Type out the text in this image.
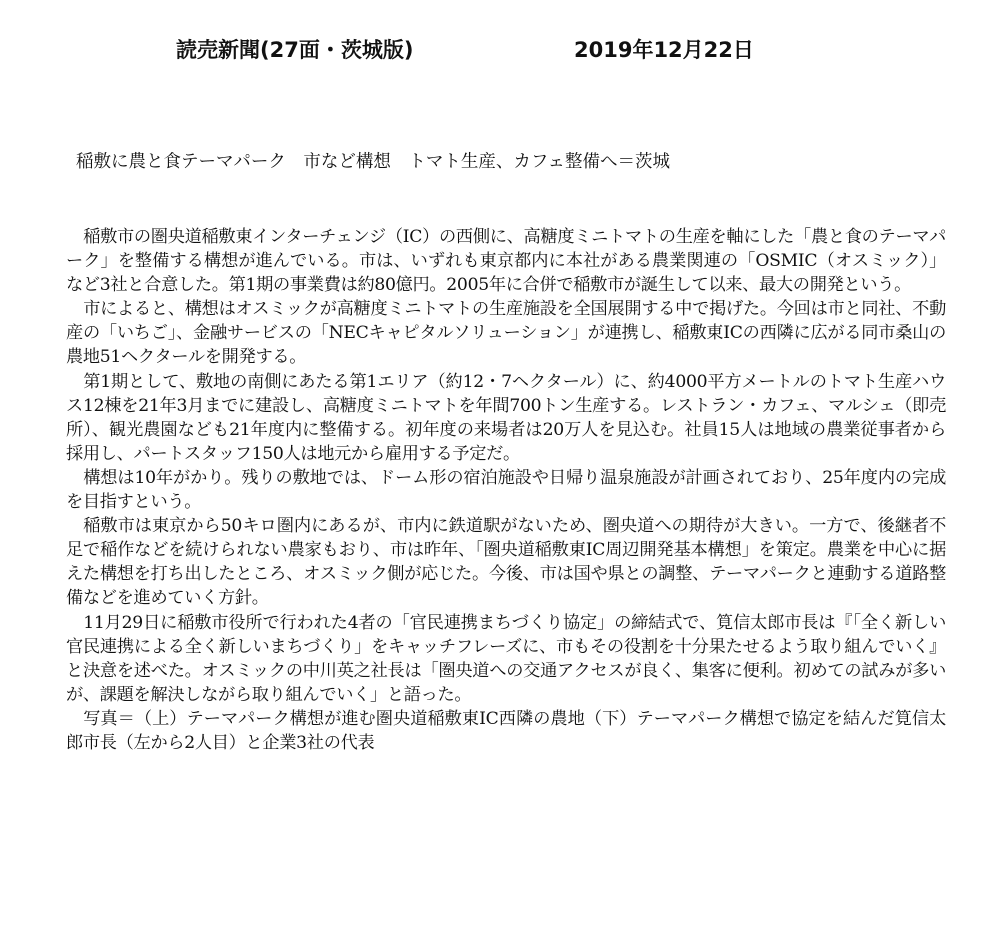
読売新聞(27面・茨城版)	2019年12月22日
稲敷に農と食テーマパーク　市など構想　トマト生産、カフェ整備へ＝茨城

稲敷市の圏央道稲敷東インターチェンジ（IC）の西側に、高糖度ミニトマトの生産を軸にした「農と食のテーマパーク」を整備する構想が進んでいる。市は、いずれも東京都内に本社がある農業関連の「OSMIC（オスミック）」など3社と合意した。第1期の事業費は約80億円。2005年に合併で稲敷市が誕生して以来、最大の開発という。

市によると、構想はオスミックが高糖度ミニトマトの生産施設を全国展開する中で掲げた。今回は市と同社、不動産の「いちご」、金融サービスの「NECキャピタルソリューション」が連携し、稲敷東ICの西隣に広がる同市桑山の農地51ヘクタールを開発する。

第1期として、敷地の南側にあたる第1エリア（約12・7ヘクタール）に、約4000平方メートルのトマト生産ハウス12棟を21年3月までに建設し、高糖度ミニトマトを年間700トン生産する。レストラン・カフェ、マルシェ（即売所）、観光農園なども21年度内に整備する。初年度の来場者は20万人を見込む。社員15人は地域の農業従事者から採用し、パートスタッフ150人は地元から雇用する予定だ。

構想は10年がかり。残りの敷地では、ドーム形の宿泊施設や日帰り温泉施設が計画されており、25年度内の完成を目指すという。

稲敷市は東京から50キロ圏内にあるが、市内に鉄道駅がないため、圏央道への期待が大きい。一方で、後継者不足で稲作などを続けられない農家もおり、市は昨年、「圏央道稲敷東IC周辺開発基本構想」を策定。農業を中心に据えた構想を打ち出したところ、オスミック側が応じた。今後、市は国や県との調整、テーマパークと連動する道路整備などを進めていく方針。

11月29日に稲敷市役所で行われた4者の「官民連携まちづくり協定」の締結式で、筧信太郎市長は『「全く新しい官民連携による全く新しいまちづくり」をキャッチフレーズに、市もその役割を十分果たせるよう取り組んでいく』と決意を述べた。オスミックの中川英之社長は「圏央道への交通アクセスが良く、集客に便利。初めての試みが多いが、課題を解決しながら取り組んでいく」と語った。

写真＝（上）テーマパーク構想が進む圏央道稲敷東IC西隣の農地（下）テーマパーク構想で協定を結んだ筧信太郎市長（左から2人目）と企業3社の代表
